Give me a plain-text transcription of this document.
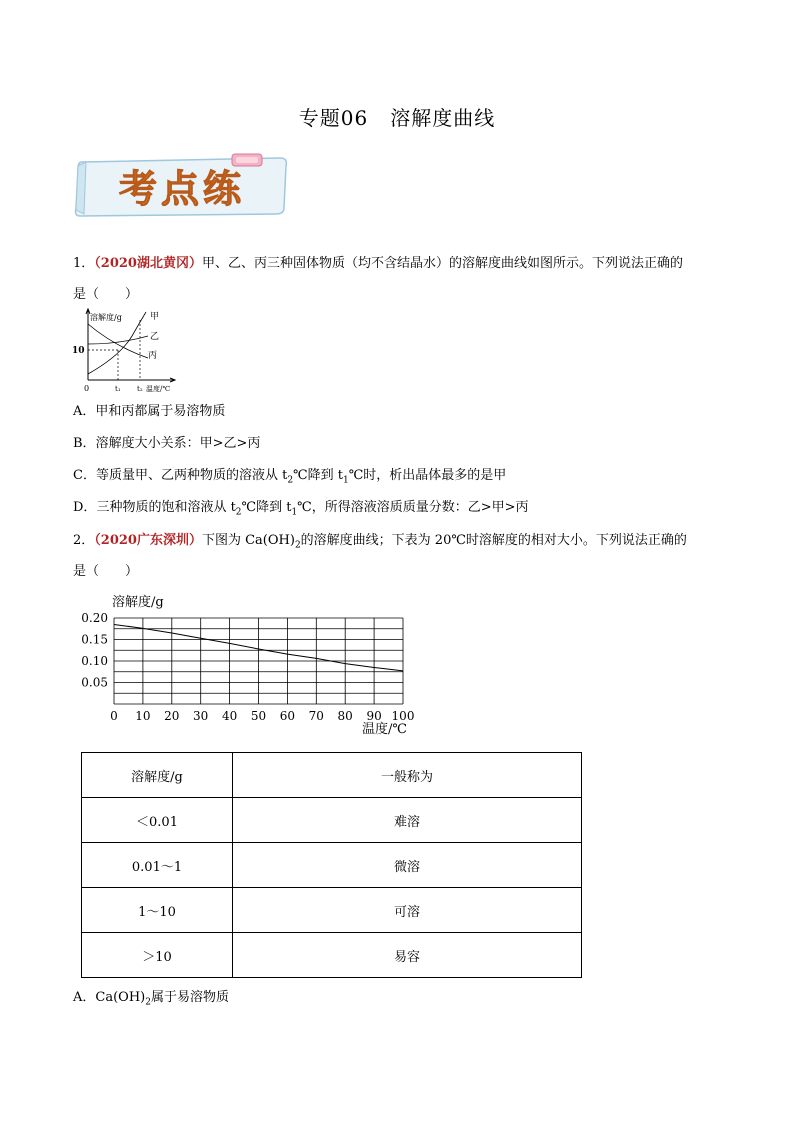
专题06 溶解度曲线
考点练
1．（2020湖北黄冈）甲、乙、丙三种固体物质（均不含结晶水）的溶解度曲线如图所示。下列说法正确的
是（　　）
溶解度/g
10
0	t₁ t₂ 温度/℃
甲
乙
丙
A．甲和丙都属于易溶物质
B．溶解度大小关系：甲>乙>丙
C．等质量甲、乙两种物质的溶液从 $t_2℃$降到 $t_1℃$时，析出晶体最多的是甲
D．三种物质的饱和溶液从 $t_2℃$降到 $t_1℃$，所得溶液溶质质量分数：乙>甲>丙
2．（2020广东深圳）下图为 $Ca(OH)_2$的溶解度曲线；下表为 20℃时溶解度的相对大小。下列说法正确的
是（　　）
0 10 20 30 40 50 60 70 80 90 100
0.05
0.10
0.15
0.20
溶解度/g
温度/℃
溶解度/g	一般称为
＜0.01	难溶
0.01～1	微溶
1～10	可溶
＞10	易容
A．$Ca(OH)_2$属于易溶物质
